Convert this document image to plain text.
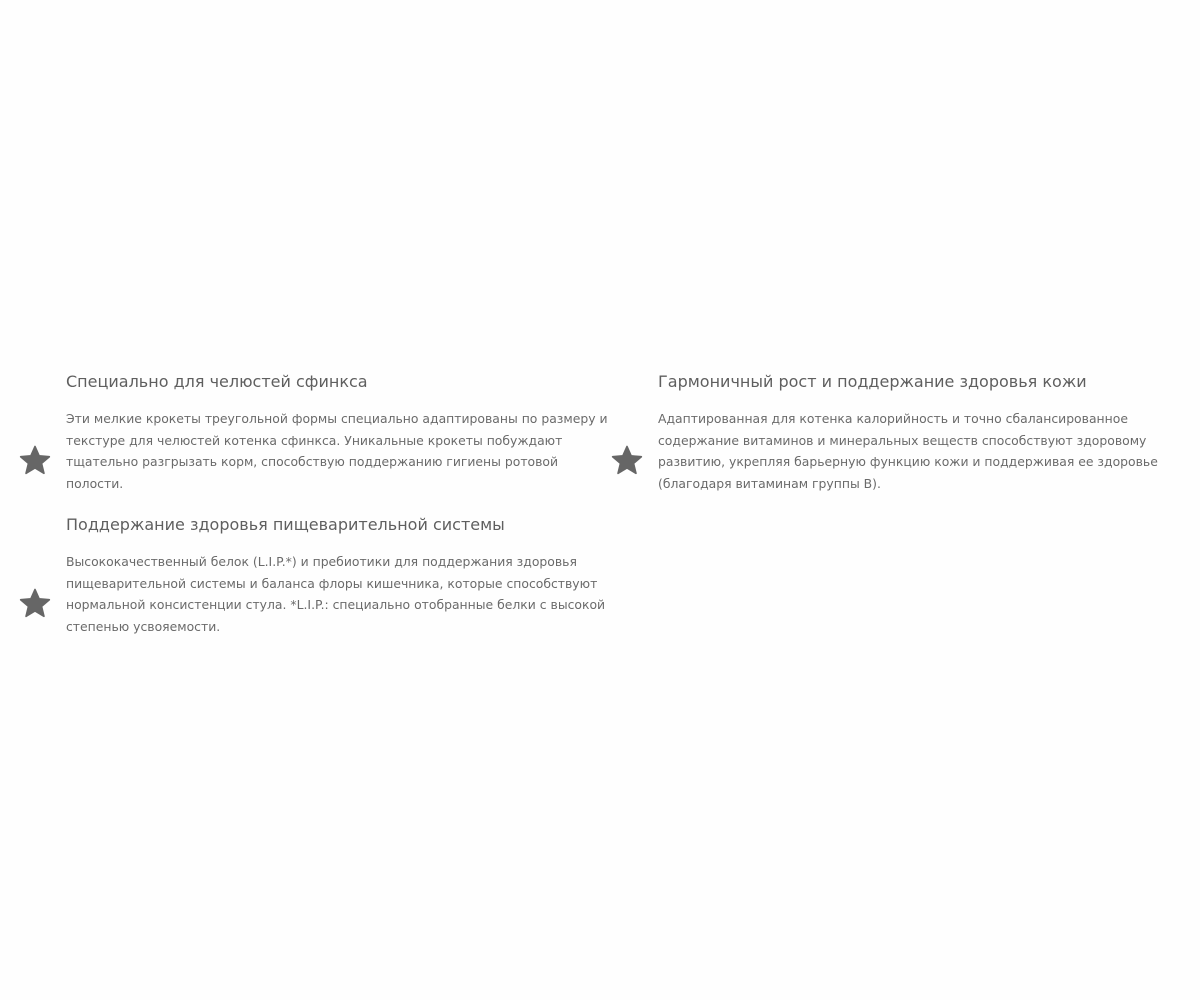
Специально для челюстей сфинкса

Эти мелкие крокеты треугольной формы специально адаптированы по размеру и текстуре для челюстей котенка сфинкса. Уникальные крокеты побуждают тщательно разгрызать корм, способствую поддержанию гигиены ротовой полости.

Гармоничный рост и поддержание здоровья кожи

Адаптированная для котенка калорийность и точно сбалансированное содержание витаминов и минеральных веществ способствуют здоровому развитию, укрепляя барьерную функцию кожи и поддерживая ее здоровье (благодаря витаминам группы В).

Поддержание здоровья пищеварительной системы

Высококачественный белок (L.I.P.*) и пребиотики для поддержания здоровья пищеварительной системы и баланса флоры кишечника, которые способствуют нормальной консистенции стула. *L.I.P.: специально отобранные белки с высокой степенью усвояемости.
